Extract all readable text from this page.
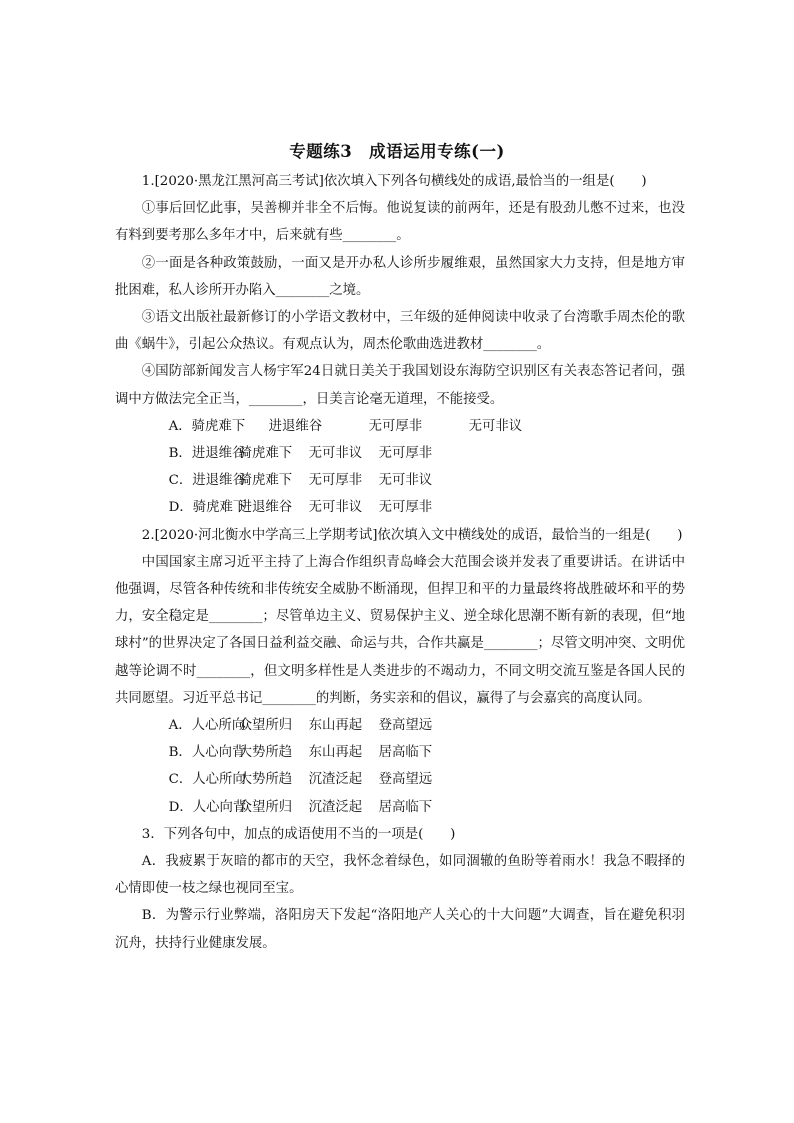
专题练3　成语运用专练(一)

1.[2020·黑龙江黑河高三考试]依次填入下列各句横线处的成语,最恰当的一组是(　　)

①事后回忆此事，吴善柳并非全不后悔。他说复读的前两年，还是有股劲儿憋不过来，也没有料到要考那么多年才中，后来就有些________。

②一面是各种政策鼓励，一面又是开办私人诊所步履维艰，虽然国家大力支持，但是地方审批困难，私人诊所开办陷入________之境。

③语文出版社最新修订的小学语文教材中，三年级的延伸阅读中收录了台湾歌手周杰伦的歌曲《蜗牛》，引起公众热议。有观点认为，周杰伦歌曲选进教材________。

④国防部新闻发言人杨宇军24日就日美关于我国划设东海防空识别区有关表态答记者问，强调中方做法完全正当，________，日美言论毫无道理，不能接受。

A．骑虎难下 进退维谷	无可厚非	无可非议

B．进退维谷骑虎难下 无可非议 无可厚非

C．进退维谷骑虎难下 无可厚非 无可非议

D．骑虎难下进退维谷 无可非议 无可厚非

2.[2020·河北衡水中学高三上学期考试]依次填入文中横线处的成语，最恰当的一组是(　　)

中国国家主席习近平主持了上海合作组织青岛峰会大范围会谈并发表了重要讲话。在讲话中他强调，尽管各种传统和非传统安全威胁不断涌现，但捍卫和平的力量最终将战胜破坏和平的势力，安全稳定是________；尽管单边主义、贸易保护主义、逆全球化思潮不断有新的表现，但“地球村”的世界决定了各国日益利益交融、命运与共，合作共赢是________；尽管文明冲突、文明优越等论调不时________，但文明多样性是人类进步的不竭动力，不同文明交流互鉴是各国人民的共同愿望。习近平总书记________的判断，务实亲和的倡议，赢得了与会嘉宾的高度认同。

A．人心所向众望所归 东山再起 登高望远

B．人心向背大势所趋 东山再起 居高临下

C．人心所向大势所趋 沉渣泛起 登高望远

D．人心向背众望所归 沉渣泛起 居高临下

3．下列各句中，加点的成语使用不当的一项是(　　)

A．我疲累于灰暗的都市的天空，我怀念着绿色，如同涸辙的鱼盼等着雨水！我急不暇择的心情即使一枝之绿也视同至宝。

B．为警示行业弊端，洛阳房天下发起“洛阳地产人关心的十大问题”大调查，旨在避免积羽沉舟，扶持行业健康发展。
